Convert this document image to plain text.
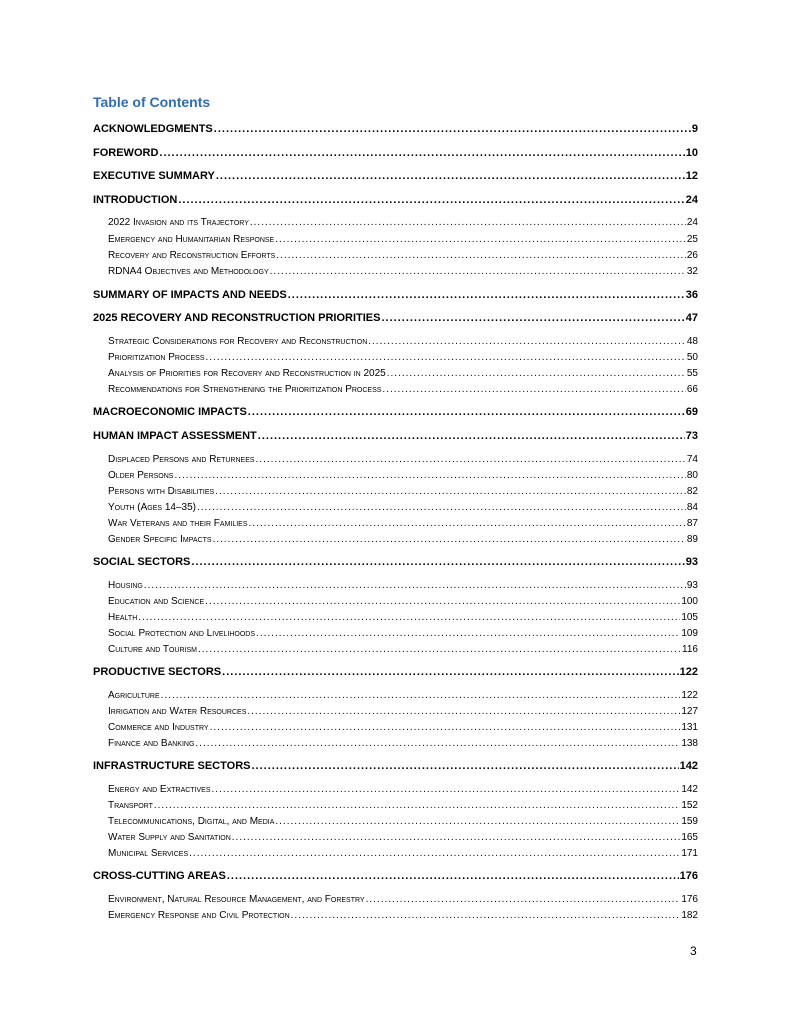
Table of Contents
ACKNOWLEDGMENTS .....	9
FOREWORD .....	10
EXECUTIVE SUMMARY .....	12
INTRODUCTION .....	24
2022 Invasion and its Trajectory .....	24
Emergency and Humanitarian Response .....	25
Recovery and Reconstruction Efforts .....	26
RDNA4 Objectives and Methodology .....	32
SUMMARY OF IMPACTS AND NEEDS .....	36
2025 RECOVERY AND RECONSTRUCTION PRIORITIES .....	47
Strategic Considerations for Recovery and Reconstruction .....	48
Prioritization Process .....	50
Analysis of Priorities for Recovery and Reconstruction in 2025 .....	55
Recommendations for Strengthening the Prioritization Process .....	66
MACROECONOMIC IMPACTS .....	69
HUMAN IMPACT ASSESSMENT .....	73
Displaced Persons and Returnees .....	74
Older Persons .....	80
Persons with Disabilities .....	82
Youth (Ages 14–35) .....	84
War Veterans and their Families .....	87
Gender Specific Impacts .....	89
SOCIAL SECTORS .....	93
Housing .....	93
Education and Science .....	100
Health .....	105
Social Protection and Livelihoods .....	109
Culture and Tourism .....	116
PRODUCTIVE SECTORS .....	122
Agriculture .....	122
Irrigation and Water Resources .....	127
Commerce and Industry .....	131
Finance and Banking .....	138
INFRASTRUCTURE SECTORS .....	142
Energy and Extractives .....	142
Transport .....	152
Telecommunications, Digital, and Media .....	159
Water Supply and Sanitation .....	165
Municipal Services .....	171
CROSS-CUTTING AREAS .....	176
Environment, Natural Resource Management, and Forestry .....	176
Emergency Response and Civil Protection .....	182
3
